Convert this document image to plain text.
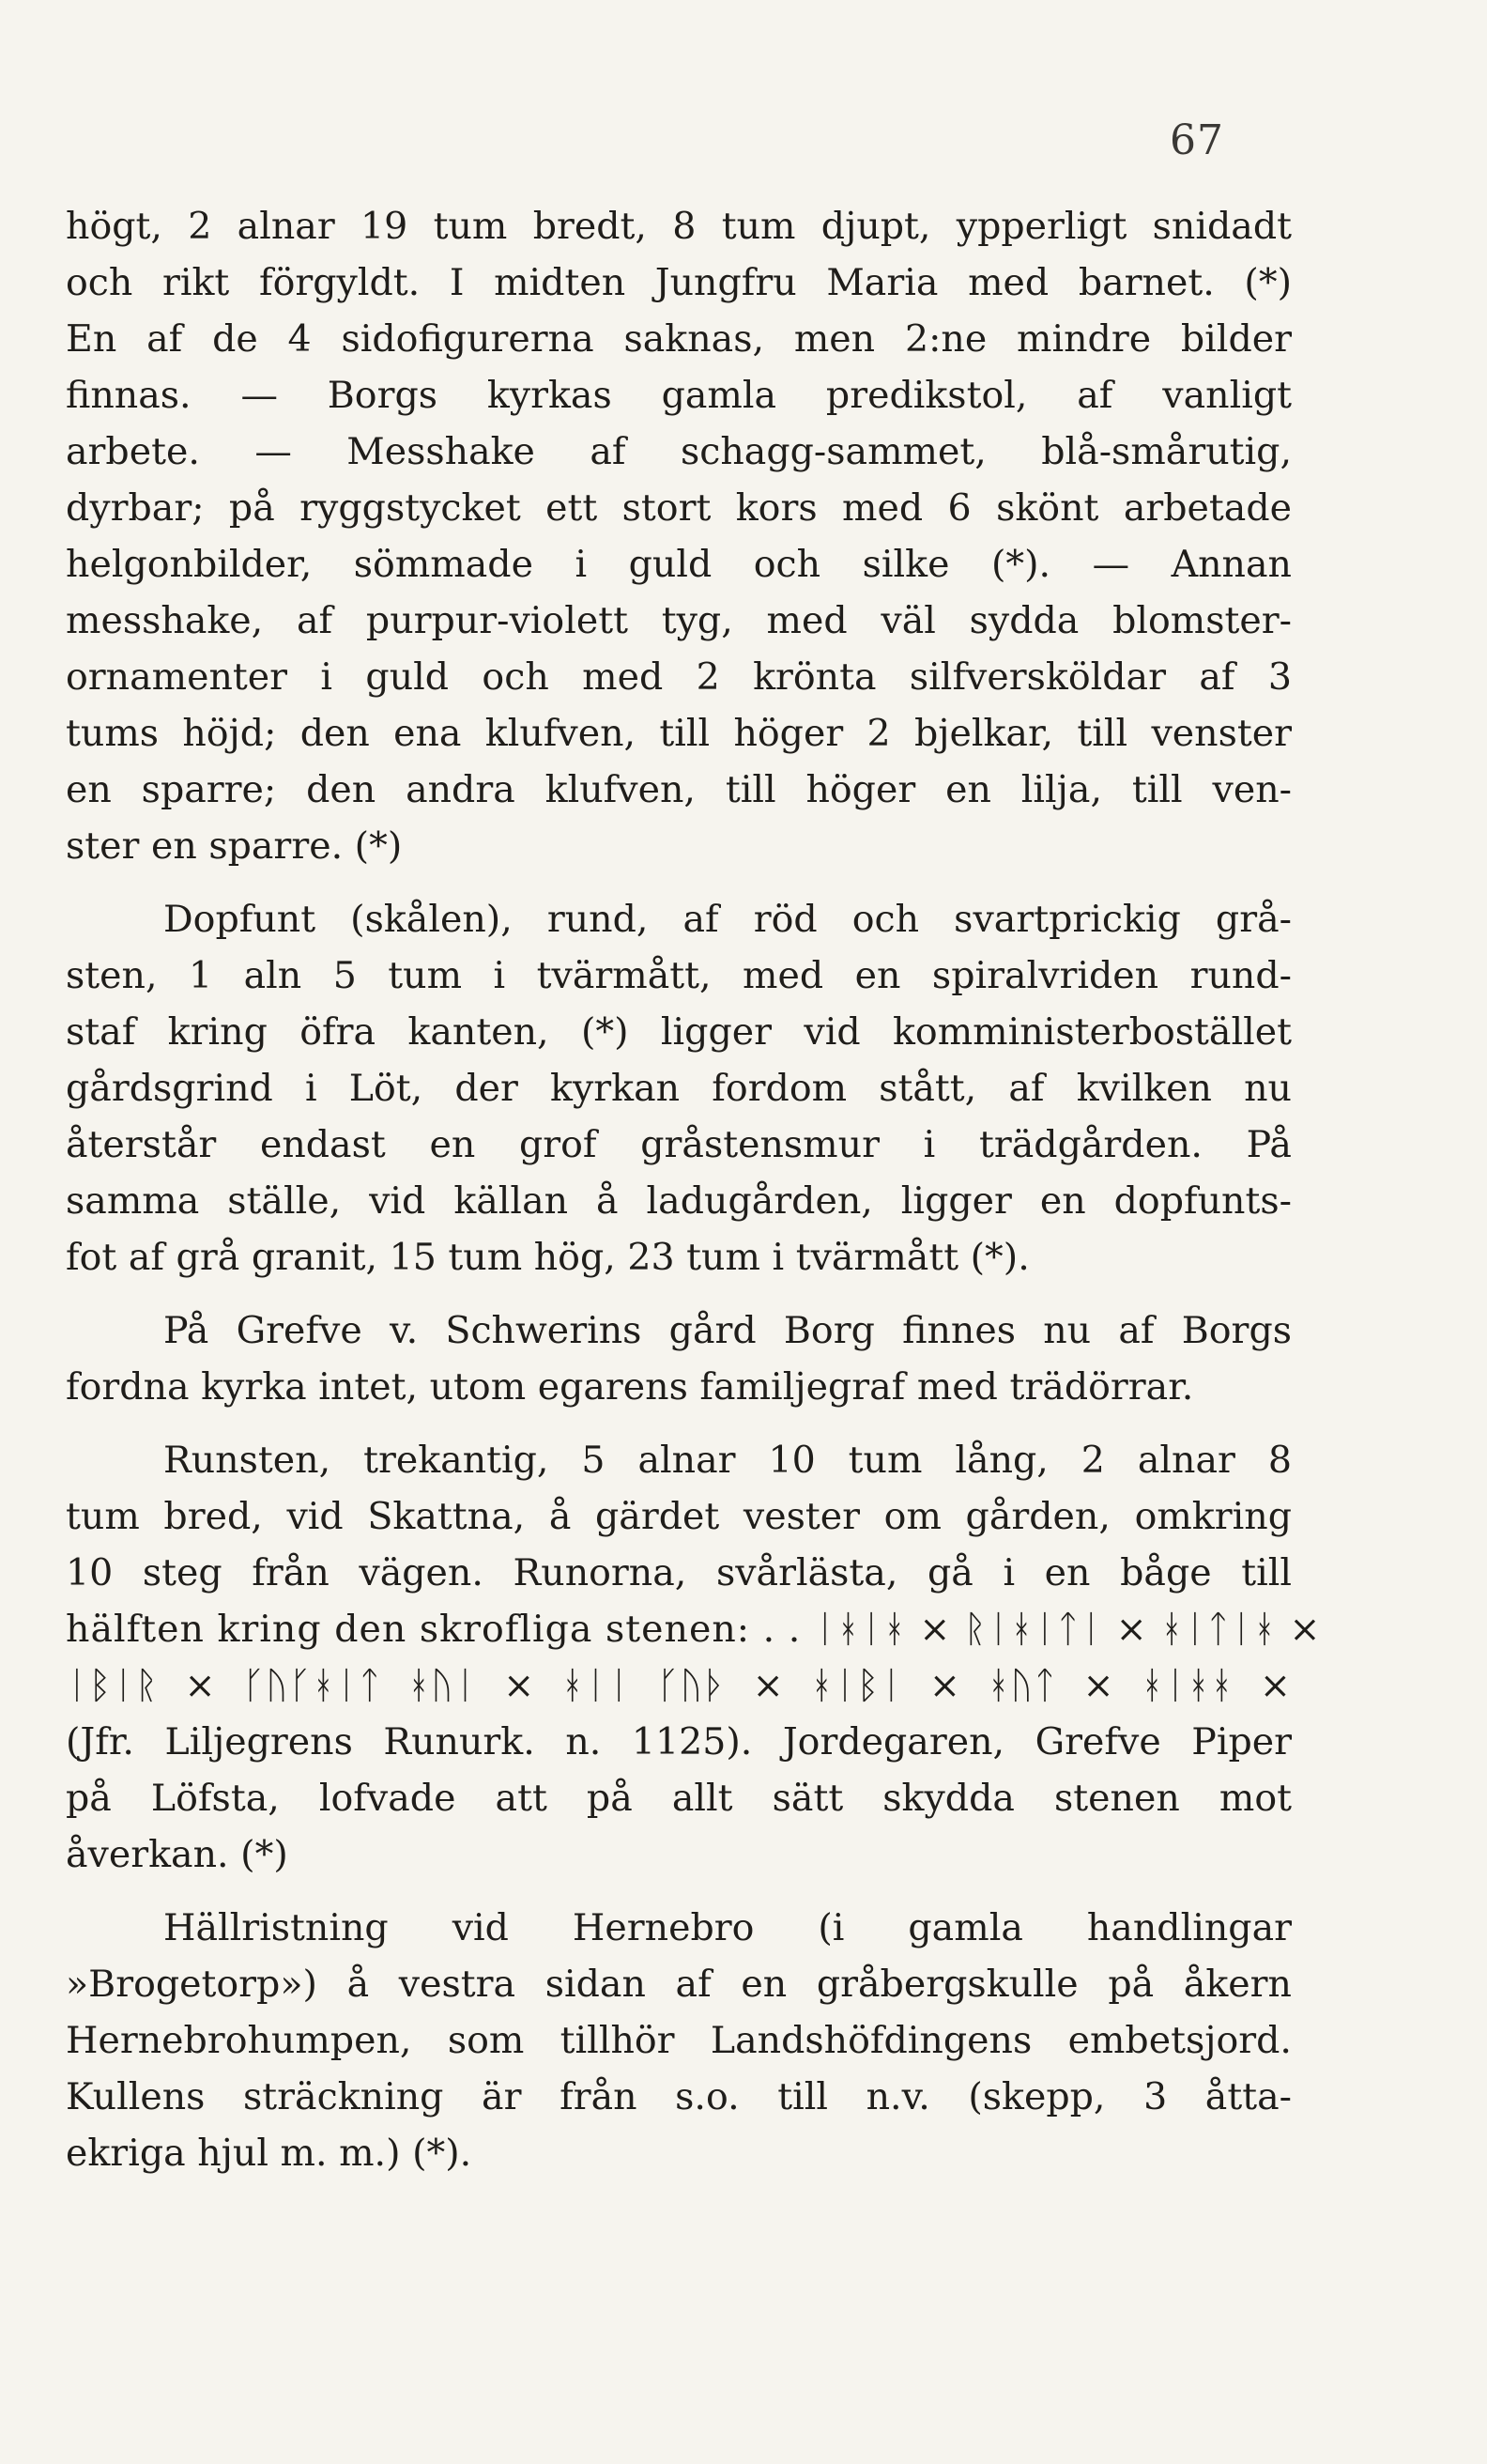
67
högt, 2 alnar 19 tum bredt, 8 tum djupt, ypperligt snidadt
och rikt förgyldt. I midten Jungfru Maria med barnet. (*)
En af de 4 sidofigurerna saknas, men 2:ne mindre bilder
finnas. — Borgs kyrkas gamla predikstol, af vanligt
arbete. — Messhake af schagg-sammet, blå-smårutig,
dyrbar; på ryggstycket ett stort kors med 6 skönt arbetade
helgonbilder, sömmade i guld och silke (*). — Annan
messhake, af purpur-violett tyg, med väl sydda blomster-
ornamenter i guld och med 2 krönta silfversköldar af 3
tums höjd; den ena klufven, till höger 2 bjelkar, till venster
en sparre; den andra klufven, till höger en lilja, till ven-
ster en sparre. (*)
Dopfunt (skålen), rund, af röd och svartprickig grå-
sten, 1 aln 5 tum i tvärmått, med en spiralvriden rund-
staf kring öfra kanten, (*) ligger vid komministerbostället
gårdsgrind i Löt, der kyrkan fordom stått, af kvilken nu
återstår endast en grof gråstensmur i trädgården. På
samma ställe, vid källan å ladugården, ligger en dopfunts-
fot af grå granit, 15 tum hög, 23 tum i tvärmått (*).
På Grefve v. Schwerins gård Borg finnes nu af Borgs
fordna kyrka intet, utom egarens familjegraf med trädörrar.
Runsten, trekantig, 5 alnar 10 tum lång, 2 alnar 8
tum bred, vid Skattna, å gärdet vester om gården, omkring
10 steg från vägen. Runorna, svårlästa, gå i en båge till
hälften kring den skrofliga stenen: . . ᛁᚼᛁᚼ × ᚱᛁᚼᛁᛏᛁ × ᚼᛁᛏᛁᚼ ×
ᛁᛒᛁᚱ × ᚴᚢᚴᚼᛁᛏ ᚼᚢᛁ × ᚼᛁᛁ ᚴᚢᚦ × ᚼᛁᛒᛁ × ᚼᚢᛏ × ᚼᛁᚼᚼ ×
(Jfr. Liljegrens Runurk. n. 1125). Jordegaren, Grefve Piper
på Löfsta, lofvade att på allt sätt skydda stenen mot
åverkan. (*)
Hällristning vid Hernebro (i gamla handlingar
»Brogetorp») å vestra sidan af en gråbergskulle på åkern
Hernebrohumpen, som tillhör Landshöfdingens embetsjord.
Kullens sträckning är från s.o. till n.v. (skepp, 3 åtta-
ekriga hjul m. m.) (*).
